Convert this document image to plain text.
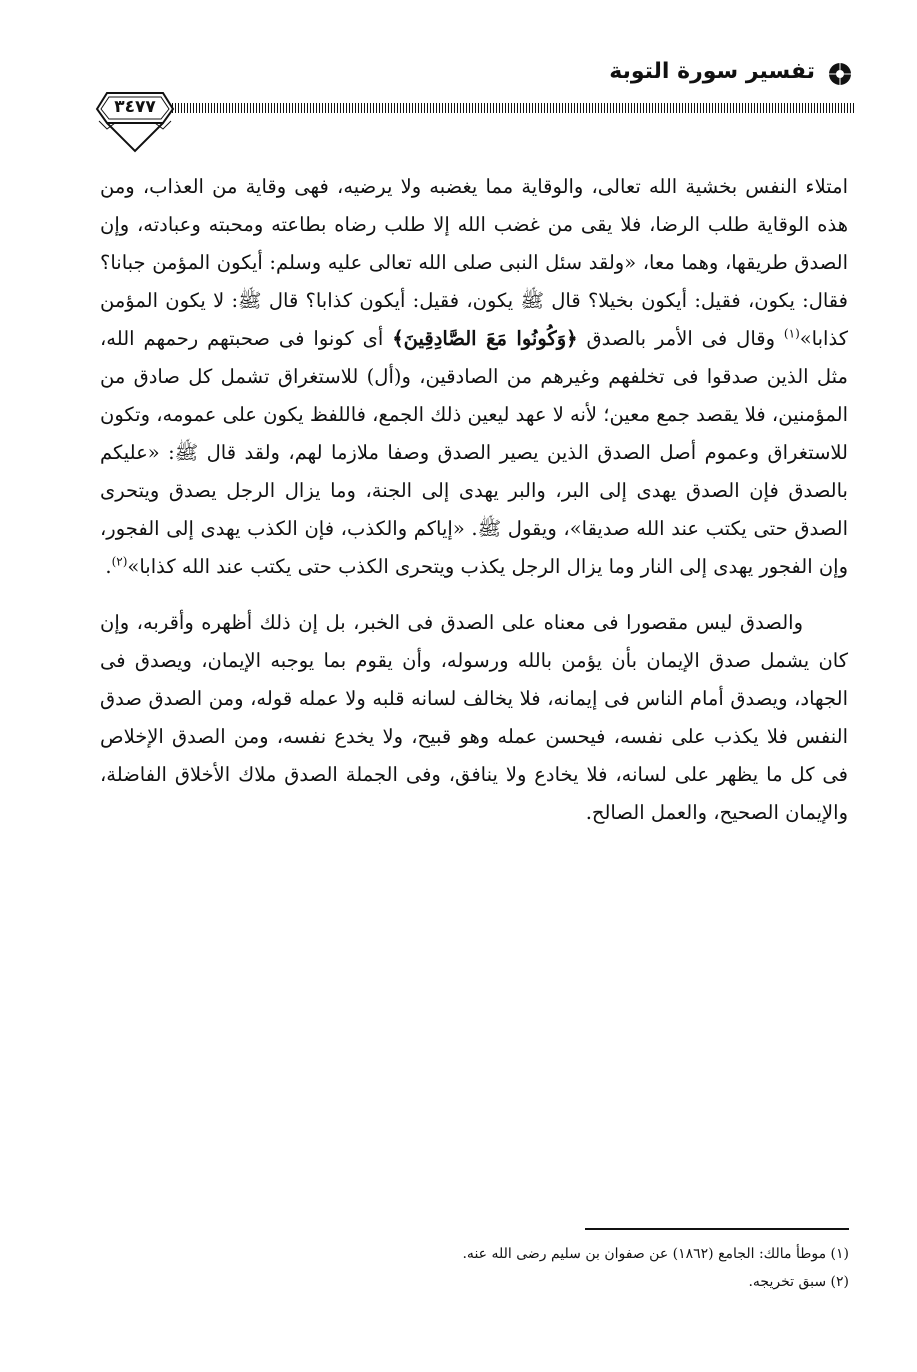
تفسير سورة التوبة
٣٤٧٧

امتلاء النفس بخشية الله تعالى، والوقاية مما يغضبه ولا يرضيه، فهى وقاية من العذاب، ومن هذه الوقاية طلب الرضا، فلا يقى من غضب الله إلا طلب رضاه بطاعته ومحبته وعبادته، وإن الصدق طريقها، وهما معا، «ولقد سئل النبى صلى الله تعالى عليه وسلم: أيكون المؤمن جبانا؟ فقال: يكون، فقيل: أيكون بخيلا؟ قال ﷺ يكون، فقيل: أيكون كذابا؟ قال ﷺ: لا يكون المؤمن كذابا»$^{(١)}$ وقال فى الأمر بالصدق ﴿وَكُونُوا مَعَ الصَّادِقِينَ﴾ أى كونوا فى صحبتهم رحمهم الله، مثل الذين صدقوا فى تخلفهم وغيرهم من الصادقين، و(أل) للاستغراق تشمل كل صادق من المؤمنين، فلا يقصد جمع معين؛ لأنه لا عهد ليعين ذلك الجمع، فاللفظ يكون على عمومه، وتكون للاستغراق وعموم أصل الصدق الذين يصير الصدق وصفا ملازما لهم، ولقد قال ﷺ: «عليكم بالصدق فإن الصدق يهدى إلى البر، والبر يهدى إلى الجنة، وما يزال الرجل يصدق ويتحرى الصدق حتى يكتب عند الله صديقا»، ويقول ﷺ. «إياكم والكذب، فإن الكذب يهدى إلى الفجور، وإن الفجور يهدى إلى النار وما يزال الرجل يكذب ويتحرى الكذب حتى يكتب عند الله كذابا»$^{(٢)}$.

والصدق ليس مقصورا فى معناه على الصدق فى الخبر، بل إن ذلك أظهره وأقربه، وإن كان يشمل صدق الإيمان بأن يؤمن بالله ورسوله، وأن يقوم بما يوجبه الإيمان، ويصدق فى الجهاد، ويصدق أمام الناس فى إيمانه، فلا يخالف لسانه قلبه ولا عمله قوله، ومن الصدق صدق النفس فلا يكذب على نفسه، فيحسن عمله وهو قبيح، ولا يخدع نفسه، ومن الصدق الإخلاص فى كل ما يظهر على لسانه، فلا يخادع ولا ينافق، وفى الجملة الصدق ملاك الأخلاق الفاضلة، والإيمان الصحيح، والعمل الصالح.

(١) موطأ مالك: الجامع (١٨٦٢) عن صفوان بن سليم رضى الله عنه.
(٢) سبق تخريجه.
